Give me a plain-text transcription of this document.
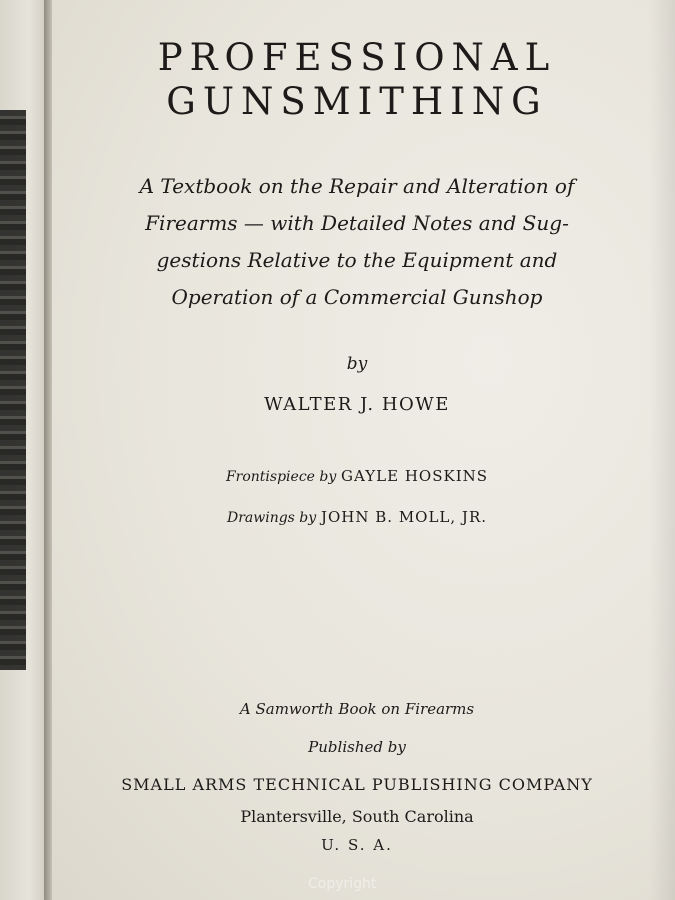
PROFESSIONAL
GUNSMITHING
A Textbook on the Repair and Alteration of
Firearms — with Detailed Notes and Sug-
gestions Relative to the Equipment and
Operation of a Commercial Gunshop
by
WALTER J. HOWE
Frontispiece by GAYLE HOSKINS
Drawings by JOHN B. MOLL, JR.
A Samworth Book on Firearms
Published by
SMALL ARMS TECHNICAL PUBLISHING COMPANY
Plantersville, South Carolina
U. S. A.
Copyright
